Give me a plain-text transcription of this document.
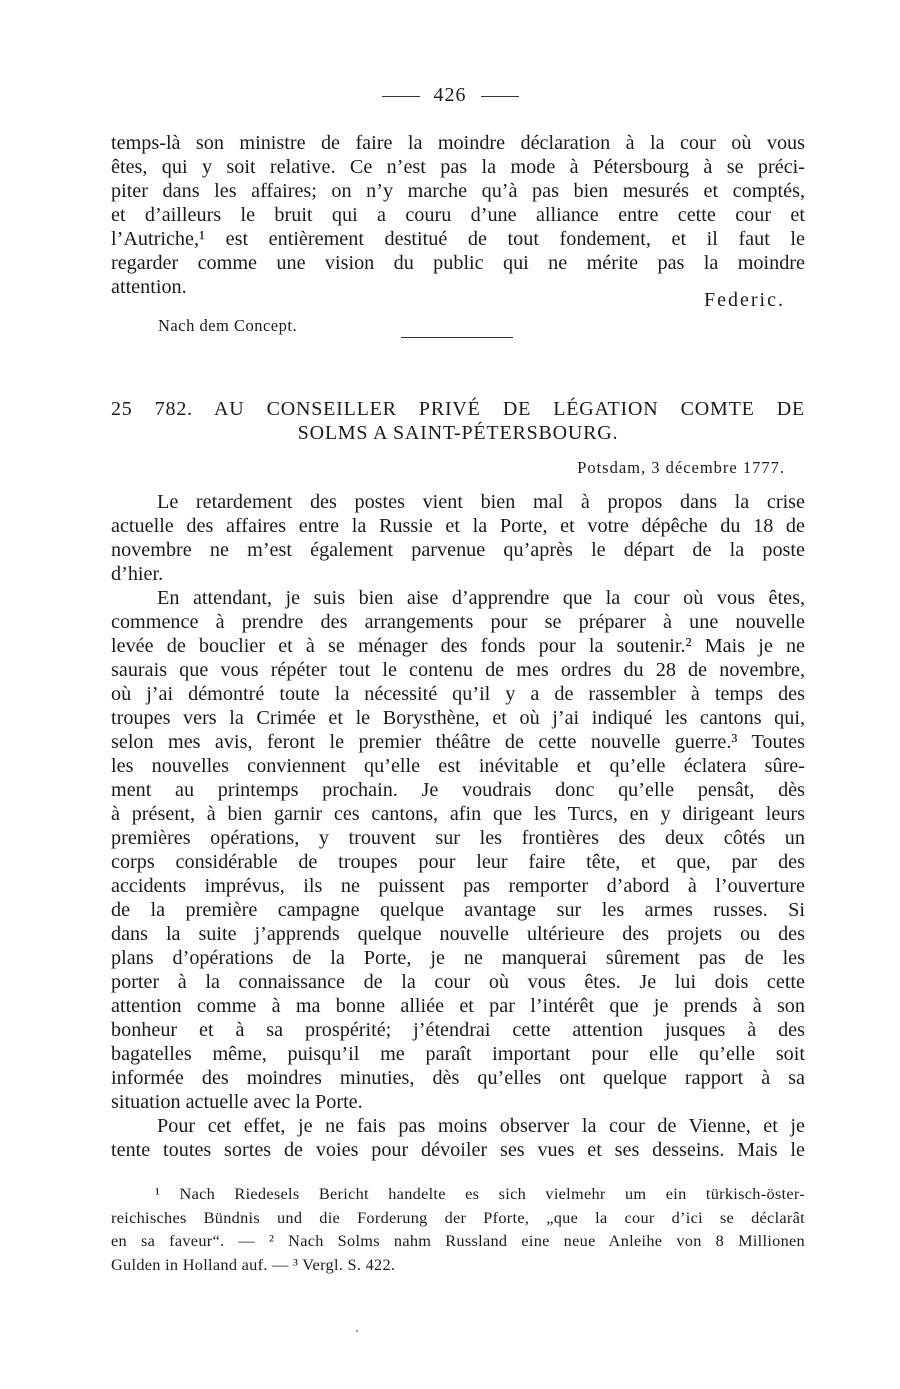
426
temps-là son ministre de faire la moindre déclaration à la cour où vous
êtes, qui y soit relative. Ce n’est pas la mode à Pétersbourg à se préci-
piter dans les affaires; on n’y marche qu’à pas bien mesurés et comptés,
et d’ailleurs le bruit qui a couru d’une alliance entre cette cour et
l’Autriche,¹ est entièrement destitué de tout fondement, et il faut le
regarder comme une vision du public qui ne mérite pas la moindre
attention.
Federic.
Nach dem Concept.
25 782. AU CONSEILLER PRIVÉ DE LÉGATION COMTE DE
SOLMS A SAINT-PÉTERSBOURG.
Potsdam, 3 décembre 1777.
Le retardement des postes vient bien mal à propos dans la crise
actuelle des affaires entre la Russie et la Porte, et votre dépêche du 18 de
novembre ne m’est également parvenue qu’après le départ de la poste
d’hier.
En attendant, je suis bien aise d’apprendre que la cour où vous êtes,
commence à prendre des arrangements pour se préparer à une nouvelle
levée de bouclier et à se ménager des fonds pour la soutenir.² Mais je ne
saurais que vous répéter tout le contenu de mes ordres du 28 de novembre,
où j’ai démontré toute la nécessité qu’il y a de rassembler à temps des
troupes vers la Crimée et le Borysthène, et où j’ai indiqué les cantons qui,
selon mes avis, feront le premier théâtre de cette nouvelle guerre.³ Toutes
les nouvelles conviennent qu’elle est inévitable et qu’elle éclatera sûre-
ment au printemps prochain. Je voudrais donc qu’elle pensât, dès
à présent, à bien garnir ces cantons, afin que les Turcs, en y dirigeant leurs
premières opérations, y trouvent sur les frontières des deux côtés un
corps considérable de troupes pour leur faire tête, et que, par des
accidents imprévus, ils ne puissent pas remporter d’abord à l’ouverture
de la première campagne quelque avantage sur les armes russes. Si
dans la suite j’apprends quelque nouvelle ultérieure des projets ou des
plans d’opérations de la Porte, je ne manquerai sûrement pas de les
porter à la connaissance de la cour où vous êtes. Je lui dois cette
attention comme à ma bonne alliée et par l’intérêt que je prends à son
bonheur et à sa prospérité; j’étendrai cette attention jusques à des
bagatelles même, puisqu’il me paraît important pour elle qu’elle soit
informée des moindres minuties, dès qu’elles ont quelque rapport à sa
situation actuelle avec la Porte.
Pour cet effet, je ne fais pas moins observer la cour de Vienne, et je
tente toutes sortes de voies pour dévoiler ses vues et ses desseins. Mais le
¹ Nach Riedesels Bericht handelte es sich vielmehr um ein türkisch-öster-
reichisches Bündnis und die Forderung der Pforte, „que la cour d’ici se déclarât
en sa faveur“. — ² Nach Solms nahm Russland eine neue Anleihe von 8 Millionen
Gulden in Holland auf. — ³ Vergl. S. 422.
